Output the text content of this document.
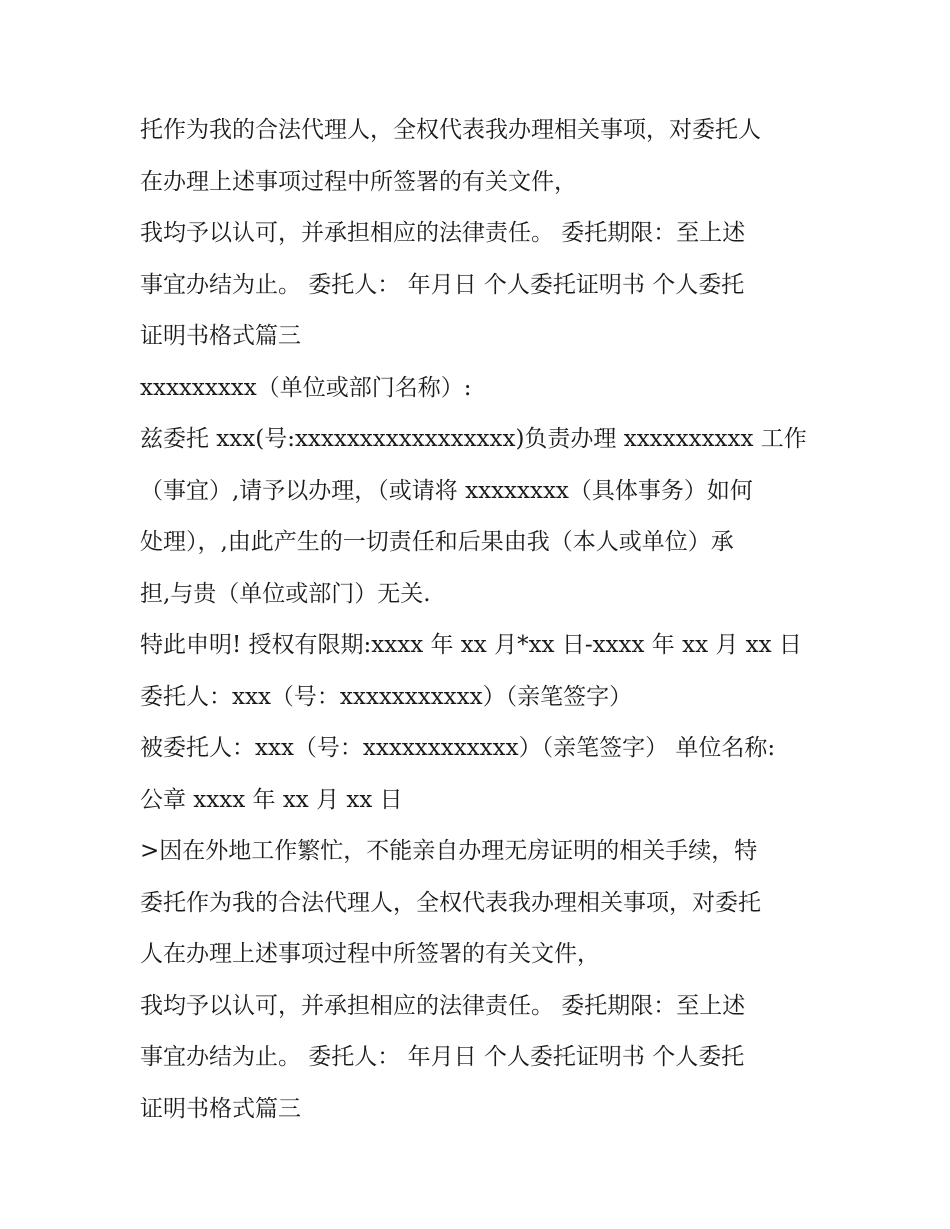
托作为我的合法代理人，全权代表我办理相关事项，对委托人
在办理上述事项过程中所签署的有关文件，
我均予以认可，并承担相应的法律责任。 委托期限：至上述
事宜办结为止。 委托人： 年月日 个人委托证明书 个人委托
证明书格式篇三
xxxxxxxxx（单位或部门名称）:
兹委托 xxx(号:xxxxxxxxxxxxxxxxx)负责办理 xxxxxxxxxx 工作
（事宜）,请予以办理，（或请将 xxxxxxxx（具体事务）如何
处理），,由此产生的一切责任和后果由我（本人或单位）承
担,与贵（单位或部门）无关.
特此申明! 授权有限期:xxxx 年 xx 月*xx 日-xxxx 年 xx 月 xx 日
委托人：xxx（号：xxxxxxxxxxx）（亲笔签字）
被委托人：xxx（号：xxxxxxxxxxxx）（亲笔签字） 单位名称:
公章 xxxx 年 xx 月 xx 日
>因在外地工作繁忙，不能亲自办理无房证明的相关手续，特
委托作为我的合法代理人，全权代表我办理相关事项，对委托
人在办理上述事项过程中所签署的有关文件，
我均予以认可，并承担相应的法律责任。 委托期限：至上述
事宜办结为止。 委托人： 年月日 个人委托证明书 个人委托
证明书格式篇三
